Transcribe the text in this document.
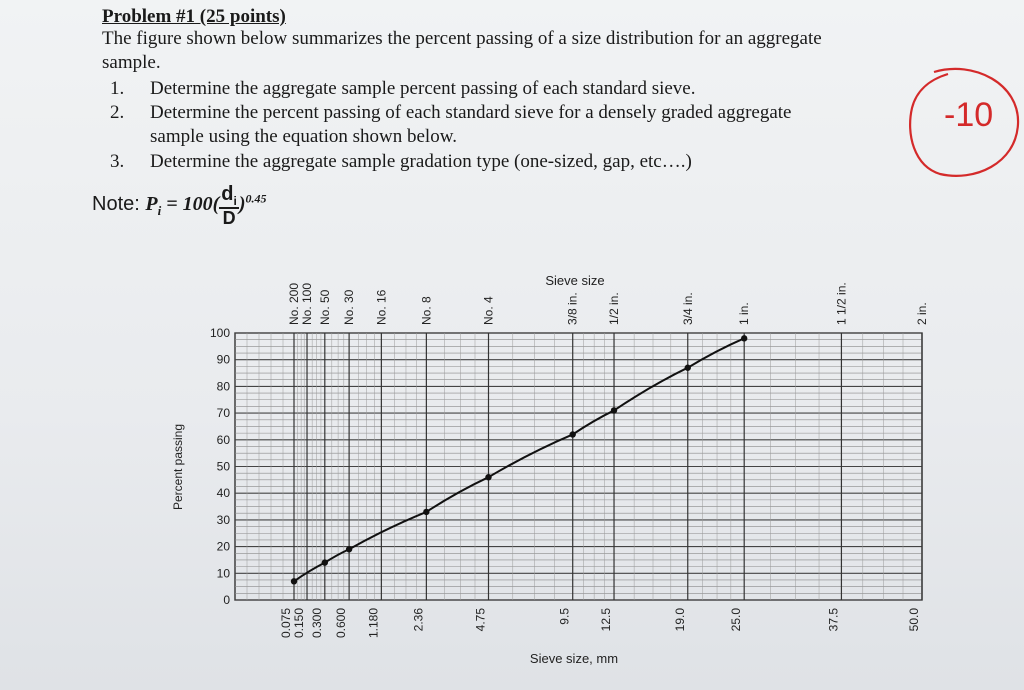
Problem #1 (25 points)
The figure shown below summarizes the percent passing of a size distribution for an aggregate
sample.
1. Determine the aggregate sample percent passing of each standard sieve.
2. Determine the percent passing of each standard sieve for a densely graded aggregate
sample using the equation shown below.
3. Determine the aggregate sample gradation type (one-sized, gap, etc….)
Note: $P_i = 100( \frac{d_i}{D} )^{0.45}$
-10
Sieve size
Sieve size, mm
Percent passing
0
10
20
30
40
50
60
70
80
90
100
No. 200 No. 100 No. 50 No. 30 No. 16	No. 8	No. 4	3/8 in. 1/2 in.	3/4 in.	1 in.	1 1/2 in.	2 in.
0.075 0.150 0.300 0.600 1.180	2.36	4.75	9.5 12.5	19.0	25.0	37.5	50.0
